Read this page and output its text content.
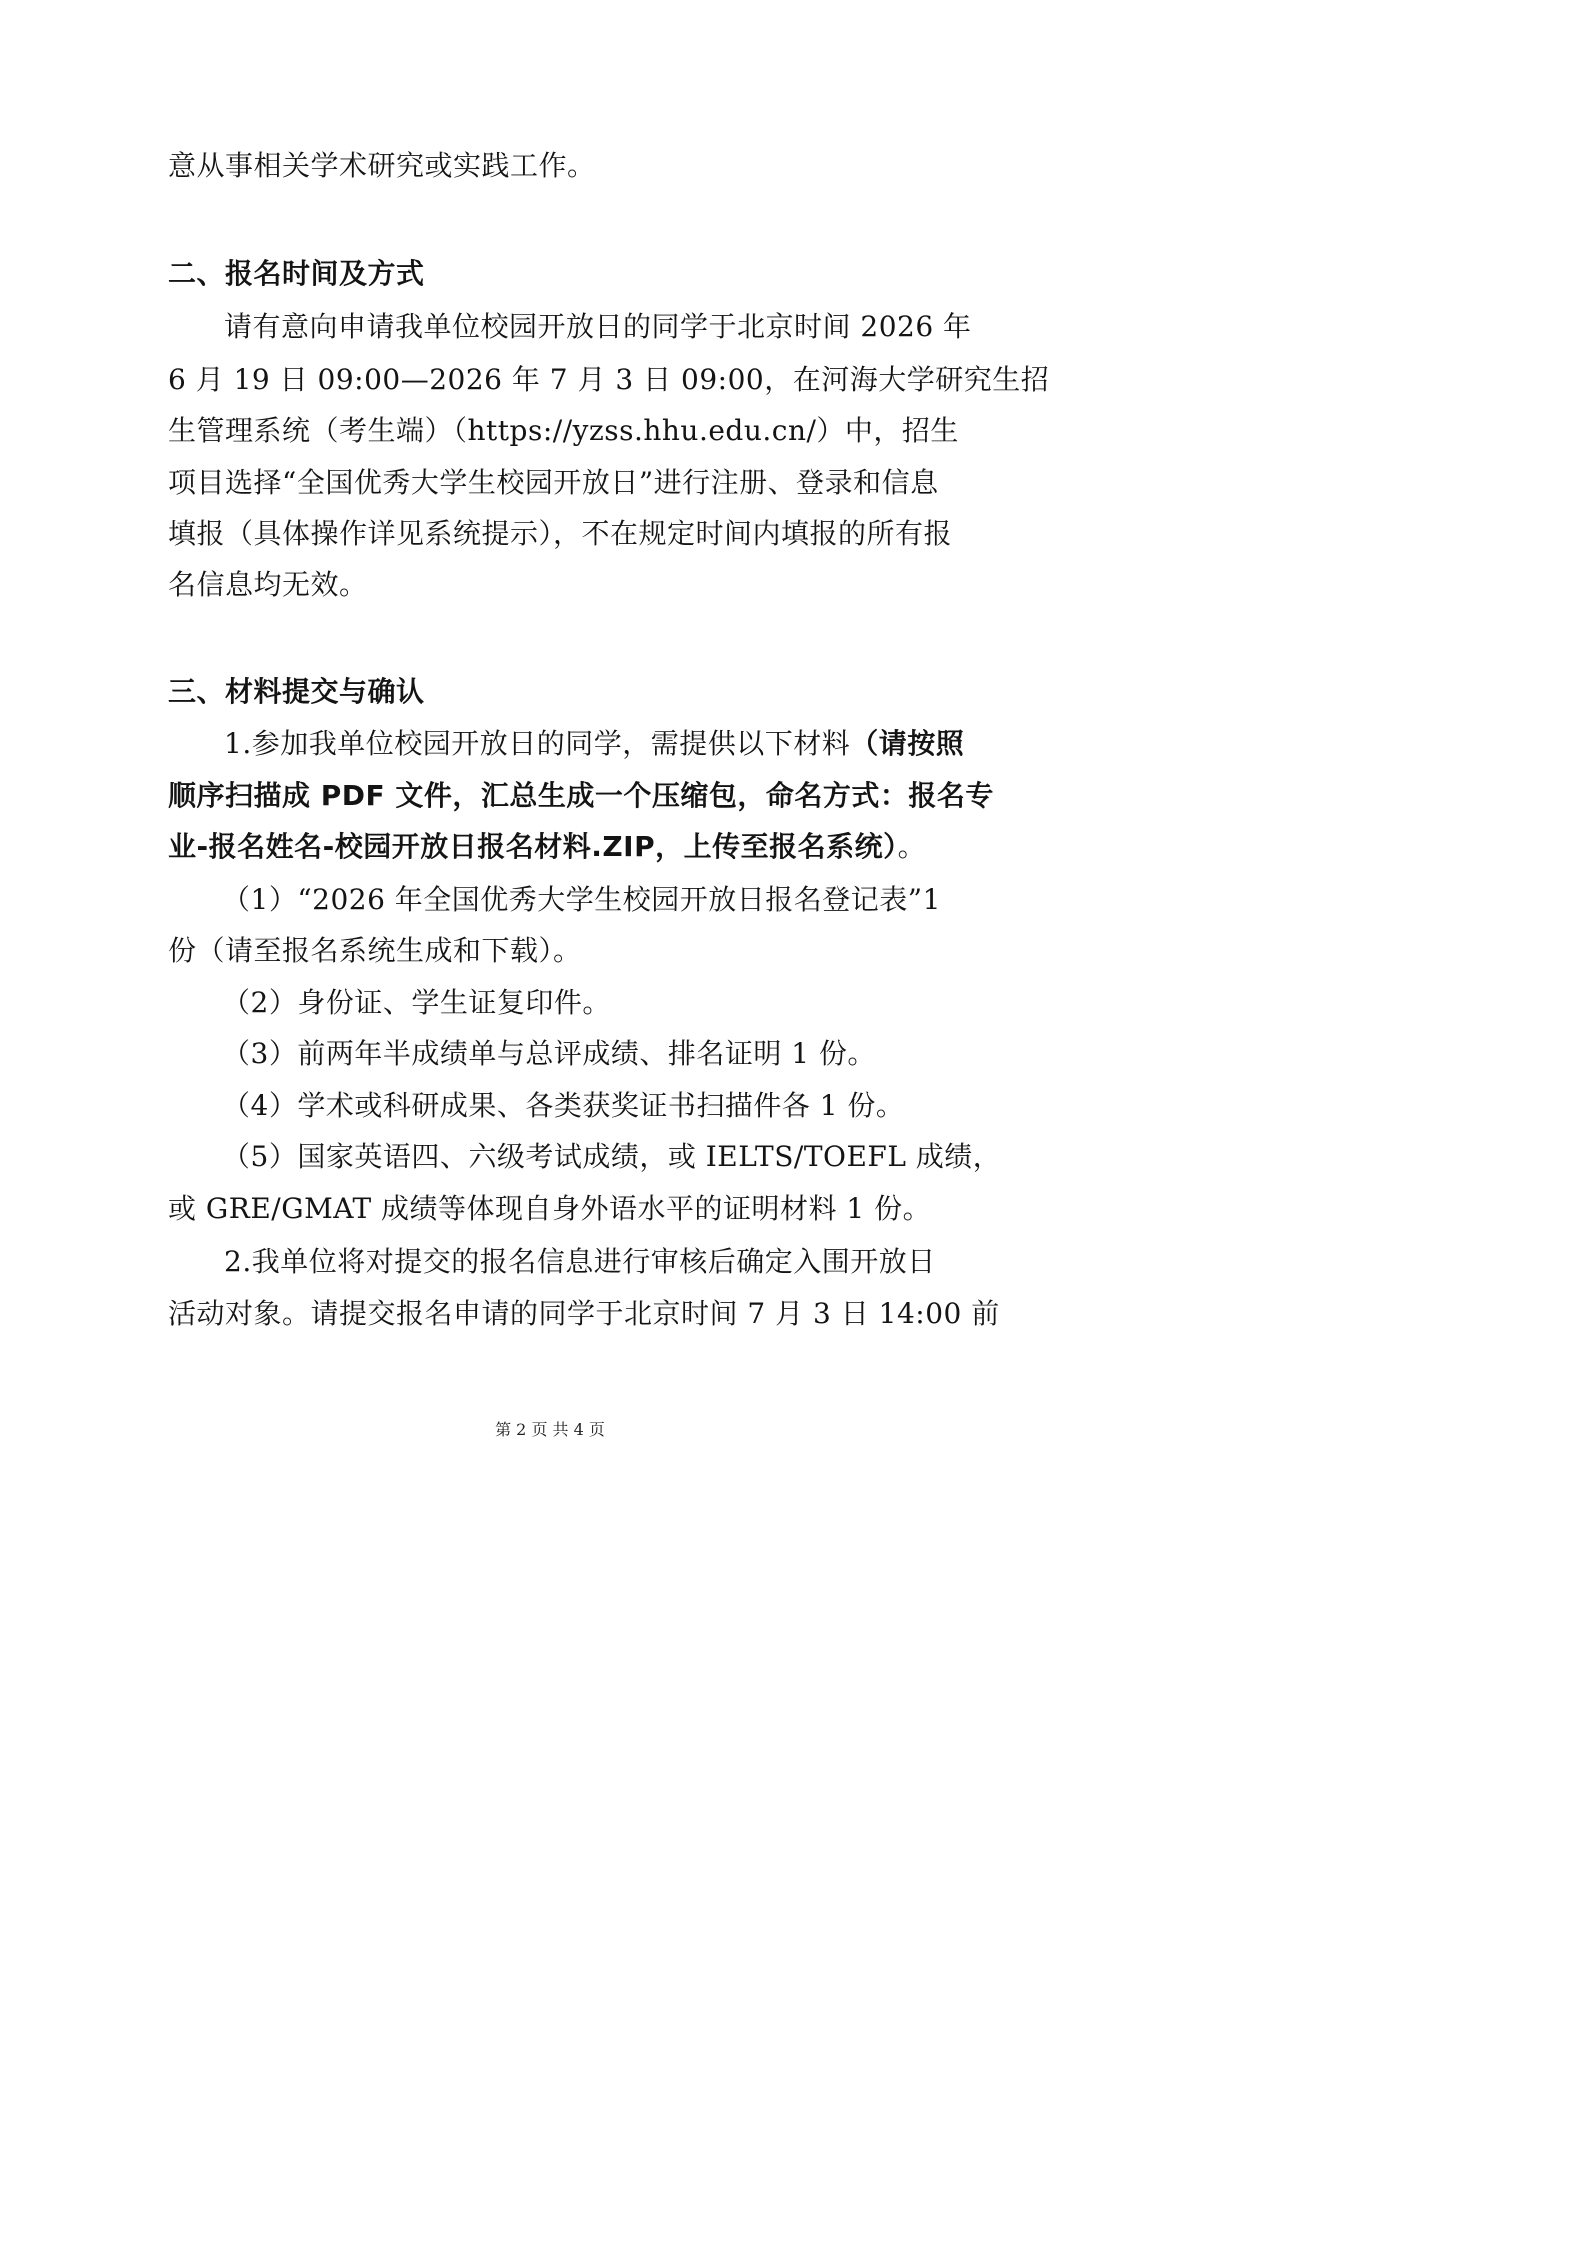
意从事相关学术研究或实践工作。
二、报名时间及方式
请有意向申请我单位校园开放日的同学于北京时间 2026 年
6 月 19 日 09:00—2026 年 7 月 3 日 09:00，在河海大学研究生招
生管理系统（考生端）（https://yzss.hhu.edu.cn/）中，招生
项目选择“全国优秀大学生校园开放日”进行注册、登录和信息
填报（具体操作详见系统提示），不在规定时间内填报的所有报
名信息均无效。
三、材料提交与确认
1.参加我单位校园开放日的同学，需提供以下材料（请按照
顺序扫描成 PDF 文件，汇总生成一个压缩包，命名方式：报名专
业-报名姓名-校园开放日报名材料.ZIP，上传至报名系统）。
（1）“2026 年全国优秀大学生校园开放日报名登记表”1
份（请至报名系统生成和下载）。
（2）身份证、学生证复印件。
（3）前两年半成绩单与总评成绩、排名证明 1 份。
（4）学术或科研成果、各类获奖证书扫描件各 1 份。
（5）国家英语四、六级考试成绩，或 IELTS/TOEFL 成绩，
或 GRE/GMAT 成绩等体现自身外语水平的证明材料 1 份。
2.我单位将对提交的报名信息进行审核后确定入围开放日
活动对象。请提交报名申请的同学于北京时间 7 月 3 日 14:00 前
第 2 页 共 4 页
